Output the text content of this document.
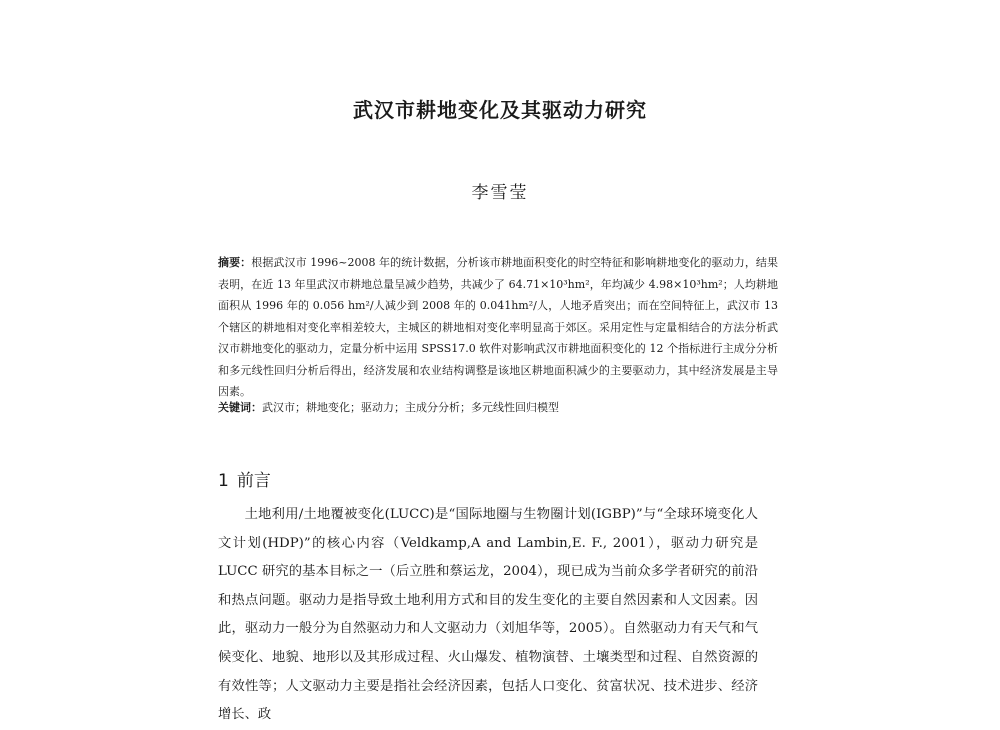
武汉市耕地变化及其驱动力研究
李雪莹
摘要：根据武汉市 1996~2008 年的统计数据，分析该市耕地面积变化的时空特征和影响耕地变化的驱动力，结果表明，在近 13 年里武汉市耕地总量呈减少趋势，共减少了 64.71×10³hm²，年均减少 4.98×10³hm²；人均耕地面积从 1996 年的 0.056 hm²/人减少到 2008 年的 0.041hm²/人，人地矛盾突出；而在空间特征上，武汉市 13 个辖区的耕地相对变化率相差较大，主城区的耕地相对变化率明显高于郊区。采用定性与定量相结合的方法分析武汉市耕地变化的驱动力，定量分析中运用 SPSS17.0 软件对影响武汉市耕地面积变化的 12 个指标进行主成分分析和多元线性回归分析后得出，经济发展和农业结构调整是该地区耕地面积减少的主要驱动力，其中经济发展是主导因素。
关键词：武汉市；耕地变化；驱动力；主成分分析；多元线性回归模型
1 前言

土地利用/土地覆被变化(LUCC)是“国际地圈与生物圈计划(IGBP)”与“全球环境变化人文计划(HDP)”的核心内容（Veldkamp,A and Lambin,E. F., 2001），驱动力研究是 LUCC 研究的基本目标之一（后立胜和蔡运龙，2004），现已成为当前众多学者研究的前沿和热点问题。驱动力是指导致土地利用方式和目的发生变化的主要自然因素和人文因素。因此，驱动力一般分为自然驱动力和人文驱动力（刘旭华等，2005）。自然驱动力有天气和气候变化、地貌、地形以及其形成过程、火山爆发、植物演替、土壤类型和过程、自然资源的有效性等；人文驱动力主要是指社会经济因素，包括人口变化、贫富状况、技术进步、经济增长、政
